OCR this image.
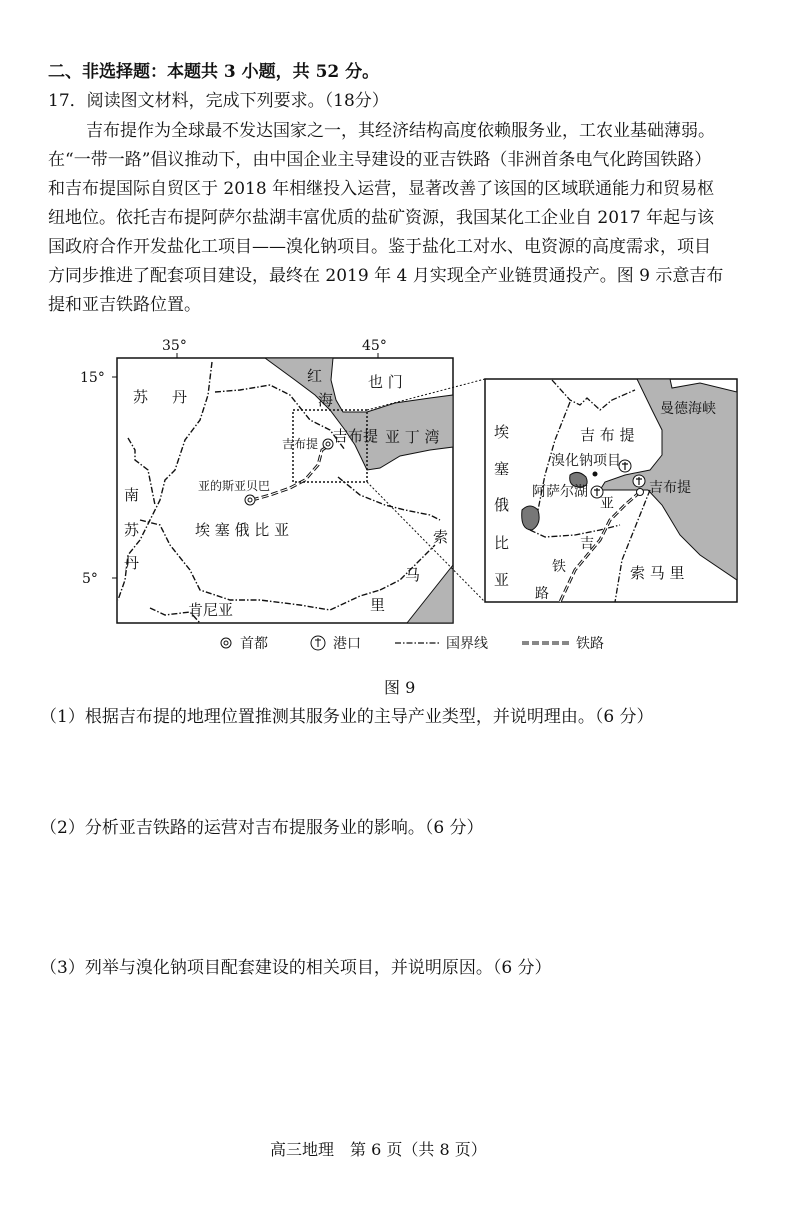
二、非选择题：本题共 3 小题，共 52 分。
17．阅读图文材料，完成下列要求。（18分）
吉布提作为全球最不发达国家之一，其经济结构高度依赖服务业，工农业基础薄弱。
在“一带一路”倡议推动下，由中国企业主导建设的亚吉铁路（非洲首条电气化跨国铁路）
和吉布提国际自贸区于 2018 年相继投入运营，显著改善了该国的区域联通能力和贸易枢
纽地位。依托吉布提阿萨尔盐湖丰富优质的盐矿资源，我国某化工企业自 2017 年起与该
国政府合作开发盐化工项目——溴化钠项目。鉴于盐化工对水、电资源的高度需求，项目
方同步推进了配套项目建设，最终在 2019 年 4 月实现全产业链贯通投产。图 9 示意吉布
提和亚吉铁路位置。
35°	45°
15°
5°
苏 丹
南
苏
丹
埃 塞 俄 比 亚
肯尼亚
索
马
里
也 门
红
海
亚 丁 湾
吉布提
吉布提
亚的斯亚贝巴
曼德海峡
吉 布 提
溴化钠项目
阿萨尔湖	吉布提
亚
吉
铁
路
索 马 里
埃
塞
俄
比
亚
首都	港口	国界线	铁路
图 9
（1）根据吉布提的地理位置推测其服务业的主导产业类型，并说明理由。（6 分）
（2）分析亚吉铁路的运营对吉布提服务业的影响。（6 分）
（3）列举与溴化钠项目配套建设的相关项目，并说明原因。（6 分）
高三地理　第 6 页（共 8 页）
